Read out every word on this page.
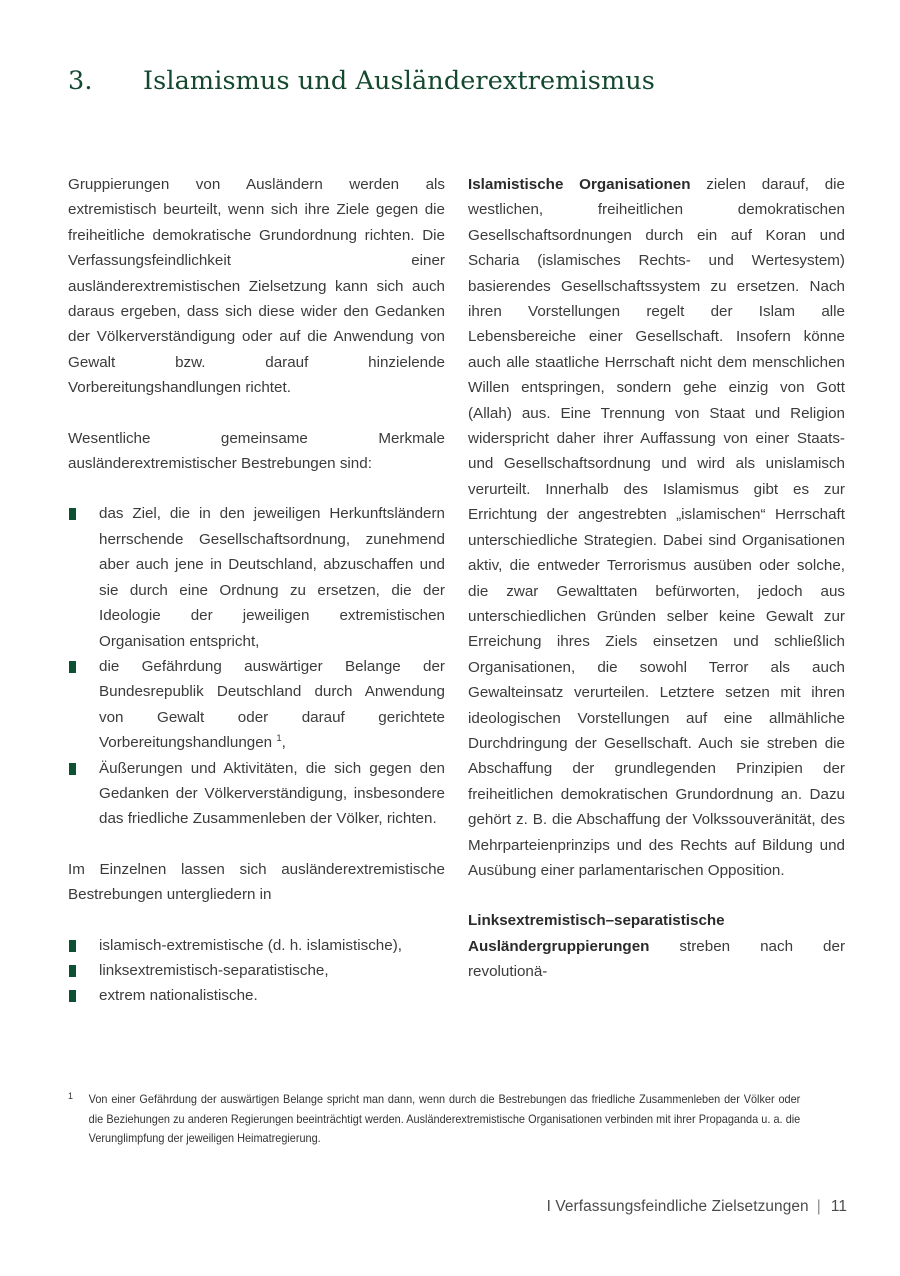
3.	Islamismus und Ausländerextremismus

Gruppierungen von Ausländern werden als extremistisch beurteilt, wenn sich ihre Ziele gegen die freiheitliche demokratische Grundordnung richten. Die Verfassungsfeindlichkeit einer ausländerextremistischen Zielsetzung kann sich auch daraus ergeben, dass sich diese wider den Gedanken der Völkerverständigung oder auf die Anwendung von Gewalt bzw. darauf hinzielende Vorbereitungshandlungen richtet.

Wesentliche gemeinsame Merkmale ausländerextremistischer Bestrebungen sind:

das Ziel, die in den jeweiligen Herkunftsländern herrschende Gesellschaftsordnung, zunehmend aber auch jene in Deutschland, abzuschaffen und sie durch eine Ordnung zu ersetzen, die der Ideologie der jeweiligen extremistischen Organisation entspricht,
die Gefährdung auswärtiger Belange der Bundesrepublik Deutschland durch Anwendung von Gewalt oder darauf gerichtete Vorbereitungshandlungen $^1$,
Äußerungen und Aktivitäten, die sich gegen den Gedanken der Völkerverständigung, insbesondere das friedliche Zusammenleben der Völker, richten.

Im Einzelnen lassen sich ausländerextremistische Bestrebungen untergliedern in

islamisch-extremistische (d. h. islamistische),
linksextremistisch-separatistische,
extrem nationalistische.

Islamistische Organisationen zielen darauf, die westlichen, freiheitlichen demokratischen Gesellschaftsordnungen durch ein auf Koran und Scharia (islamisches Rechts- und Wertesystem) basierendes Gesellschaftssystem zu ersetzen. Nach ihren Vorstellungen regelt der Islam alle Lebensbereiche einer Gesellschaft. Insofern könne auch alle staatliche Herrschaft nicht dem menschlichen Willen entspringen, sondern gehe einzig von Gott (Allah) aus. Eine Trennung von Staat und Religion widerspricht daher ihrer Auffassung von einer Staats- und Gesellschaftsordnung und wird als unislamisch verurteilt. Innerhalb des Islamismus gibt es zur Errichtung der angestrebten „islamischen“ Herrschaft unterschiedliche Strategien. Dabei sind Organisationen aktiv, die entweder Terrorismus ausüben oder solche, die zwar Gewalttaten befürworten, jedoch aus unterschiedlichen Gründen selber keine Gewalt zur Erreichung ihres Ziels einsetzen und schließlich Organisationen, die sowohl Terror als auch Gewalteinsatz verurteilen. Letztere setzen mit ihren ideologischen Vorstellungen auf eine allmähliche Durchdringung der Gesellschaft. Auch sie streben die Abschaffung der grundlegenden Prinzipien der freiheitlichen demokratischen Grundordnung an. Dazu gehört z. B. die Abschaffung der Volkssouveränität, des Mehrparteienprinzips und des Rechts auf Bildung und Ausübung einer parlamentarischen Opposition.

Linksextremistisch–separatistische Ausländergruppierungen streben nach der revolutionä-

1 Von einer Gefährdung der auswärtigen Belange spricht man dann, wenn durch die Bestrebungen das friedliche Zusammenleben der Völker oder die Beziehungen zu anderen Regierungen beeinträchtigt werden. Ausländerextremistische Organisationen verbinden mit ihrer Propaganda u. a. die Verunglimpfung der jeweiligen Heimatregierung.
I Verfassungsfeindliche Zielsetzungen | 11
